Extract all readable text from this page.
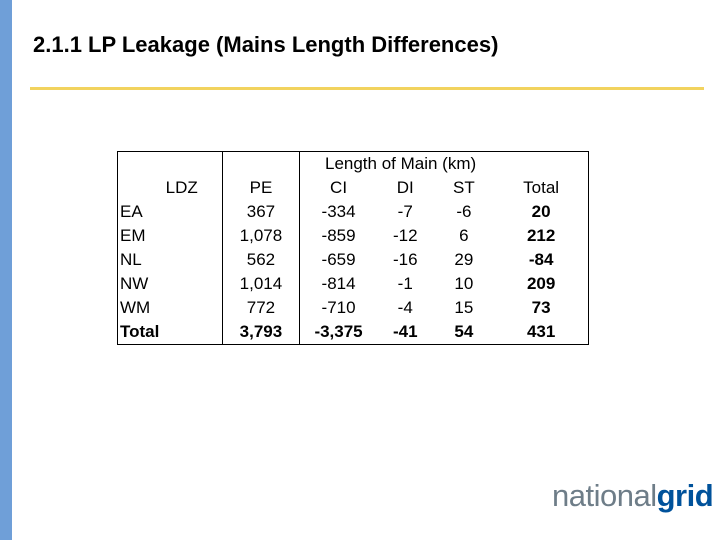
2.1.1 LP Leakage (Mains Length Differences)

			Length of Main (km)		

LDZ	PE	CI	DI	ST	Total
EA	367	-334	-7	-6	20
EM	1,078	-859	-12	6	212
NL	562	-659	-16	29	-84
NW	1,014	-814	-1	10	209
WM	772	-710	-4	15	73
Total	3,793	-3,375	-41	54	431
nationalgrid
